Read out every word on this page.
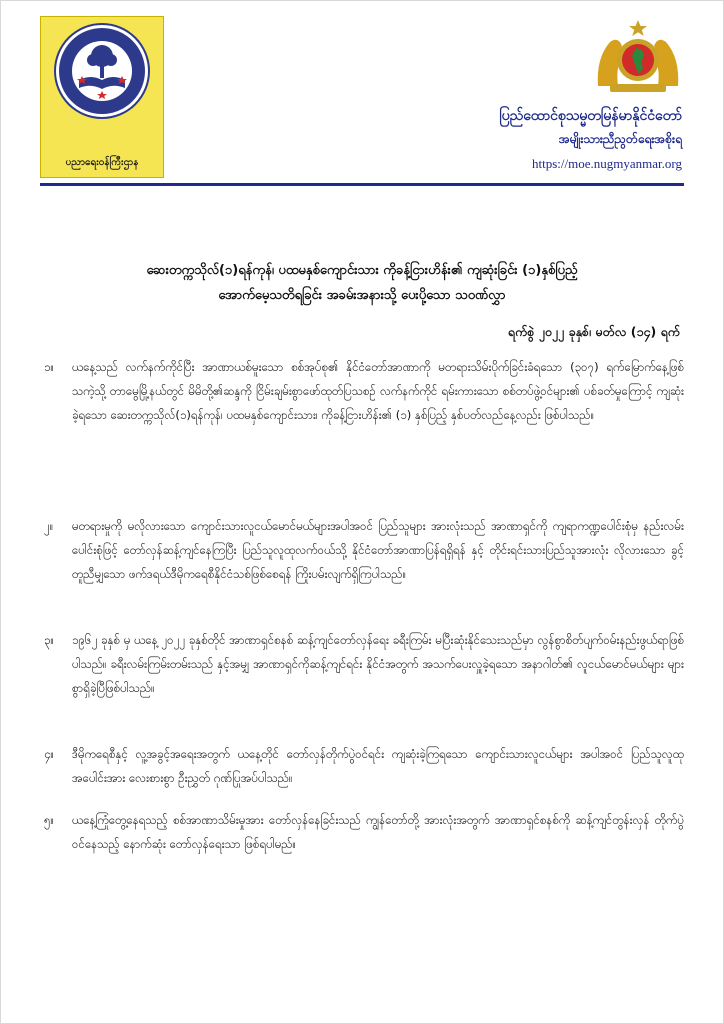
ပညာရေးဝန်ကြီးဌာန
ပြည်ထောင်စုသမ္မတမြန်မာနိုင်ငံတော်
အမျိုးသားညီညွတ်ရေးအစိုးရ
https://moe.nugmyanmar.org
ဆေးတက္ကသိုလ်(၁)ရန်ကုန်၊ ပထမနှစ်ကျောင်းသား ကိုခန့်ငြားဟိန်း၏ ကျဆုံးခြင်း (၁)နှစ်ပြည့်
အောက်မေ့သတိရခြင်း အခမ်းအနားသို့ ပေးပို့သော သဝဏ်လွှာ
ရက်စွဲ ၂၀၂၂ ခုနှစ်၊ မတ်လ (၁၄) ရက်
၁။	ယနေ့သည် လက်နက်ကိုင်ပြီး အာဏာယစ်မူးသော စစ်အုပ်စု၏ နိုင်ငံတော်အာဏာကို မတရားသိမ်းပိုက်ခြင်းခံရသော (၃၀၇) ရက်မြောက်နေ့ဖြစ်သကဲ့သို့ တာမွေမြို့နယ်တွင် မိမိတို့၏ဆန္ဒကို ငြိမ်းချမ်းစွာဖော်ထုတ်ပြသစဉ် လက်နက်ကိုင် ရမ်းကားသော စစ်တပ်ဖွဲ့ဝင်များ၏ ပစ်ခတ်မှုကြောင့် ကျဆုံးခဲ့ရသော ဆေးတက္ကသိုလ်(၁)ရန်ကုန်၊ ပထမနှစ်ကျောင်းသား၊ ကိုခန့်ငြားဟိန်း၏ (၁) နှစ်ပြည့် နှစ်ပတ်လည်နေ့လည်း ဖြစ်ပါသည်။
၂။	မတရားမှုကို မလိုလားသော ကျောင်းသားလူငယ်မောင်မယ်များအပါအဝင် ပြည်သူများ အားလုံးသည် အာဏာရှင်ကို ကျရာကဏ္ဍပေါင်းစုံမှ နည်းလမ်းပေါင်းစုံဖြင့် တော်လှန်ဆန့်ကျင်နေကြပြီး ပြည်သူလူထုလက်ဝယ်သို့ နိုင်ငံတော်အာဏာပြန်ရရှိရန် နှင့် တိုင်းရင်းသားပြည်သူအားလုံး လိုလားသော ခွင့်တူညီမျှသော ဖက်ဒရယ်ဒီမိုကရေစီနိုင်ငံသစ်ဖြစ်စေရန် ကြိုးပမ်းလျက်ရှိကြပါသည်။
၃။	၁၉၆၂ ခုနှစ် မှ ယနေ့ ၂၀၂၂ ခုနှစ်တိုင် အာဏာရှင်စနစ် ဆန့်ကျင်တော်လှန်ရေး ခရီးကြမ်း မပြီးဆုံးနိုင်သေးသည်မှာ လွန်စွာစိတ်ပျက်ဝမ်းနည်းဖွယ်ရာဖြစ်ပါသည်။ ခရီးလမ်းကြမ်းတမ်းသည် နှင့်အမျှ အာဏာရှင်ကိုဆန့်ကျင်ရင်း နိုင်ငံအတွက် အသက်ပေးလှူခဲ့ရသော အနာဂါတ်၏ လူငယ်မောင်မယ်များ များစွာရှိခဲ့ပြီဖြစ်ပါသည်။
၄။	ဒီမိုကရေစီနှင့် လူ့အခွင့်အရေးအတွက် ယနေ့တိုင် တော်လှန်တိုက်ပွဲဝင်ရင်း ကျဆုံးခဲ့ကြရသော ကျောင်းသားလူငယ်များ အပါအဝင် ပြည်သူလူထုအပေါင်းအား လေးစားစွာ ဦးညွှတ် ဂုဏ်ပြုအပ်ပါသည်။
၅။	ယနေ့ကြုံတွေ့နေရသည့် စစ်အာဏာသိမ်းမှုအား တော်လှန်နေခြင်းသည် ကျွန်တော်တို့ အားလုံးအတွက် အာဏာရှင်စနစ်ကို ဆန့်ကျင်တွန်းလှန် တိုက်ပွဲဝင်နေသည့် နောက်ဆုံး တော်လှန်ရေးသာ ဖြစ်ရပါမည်။
